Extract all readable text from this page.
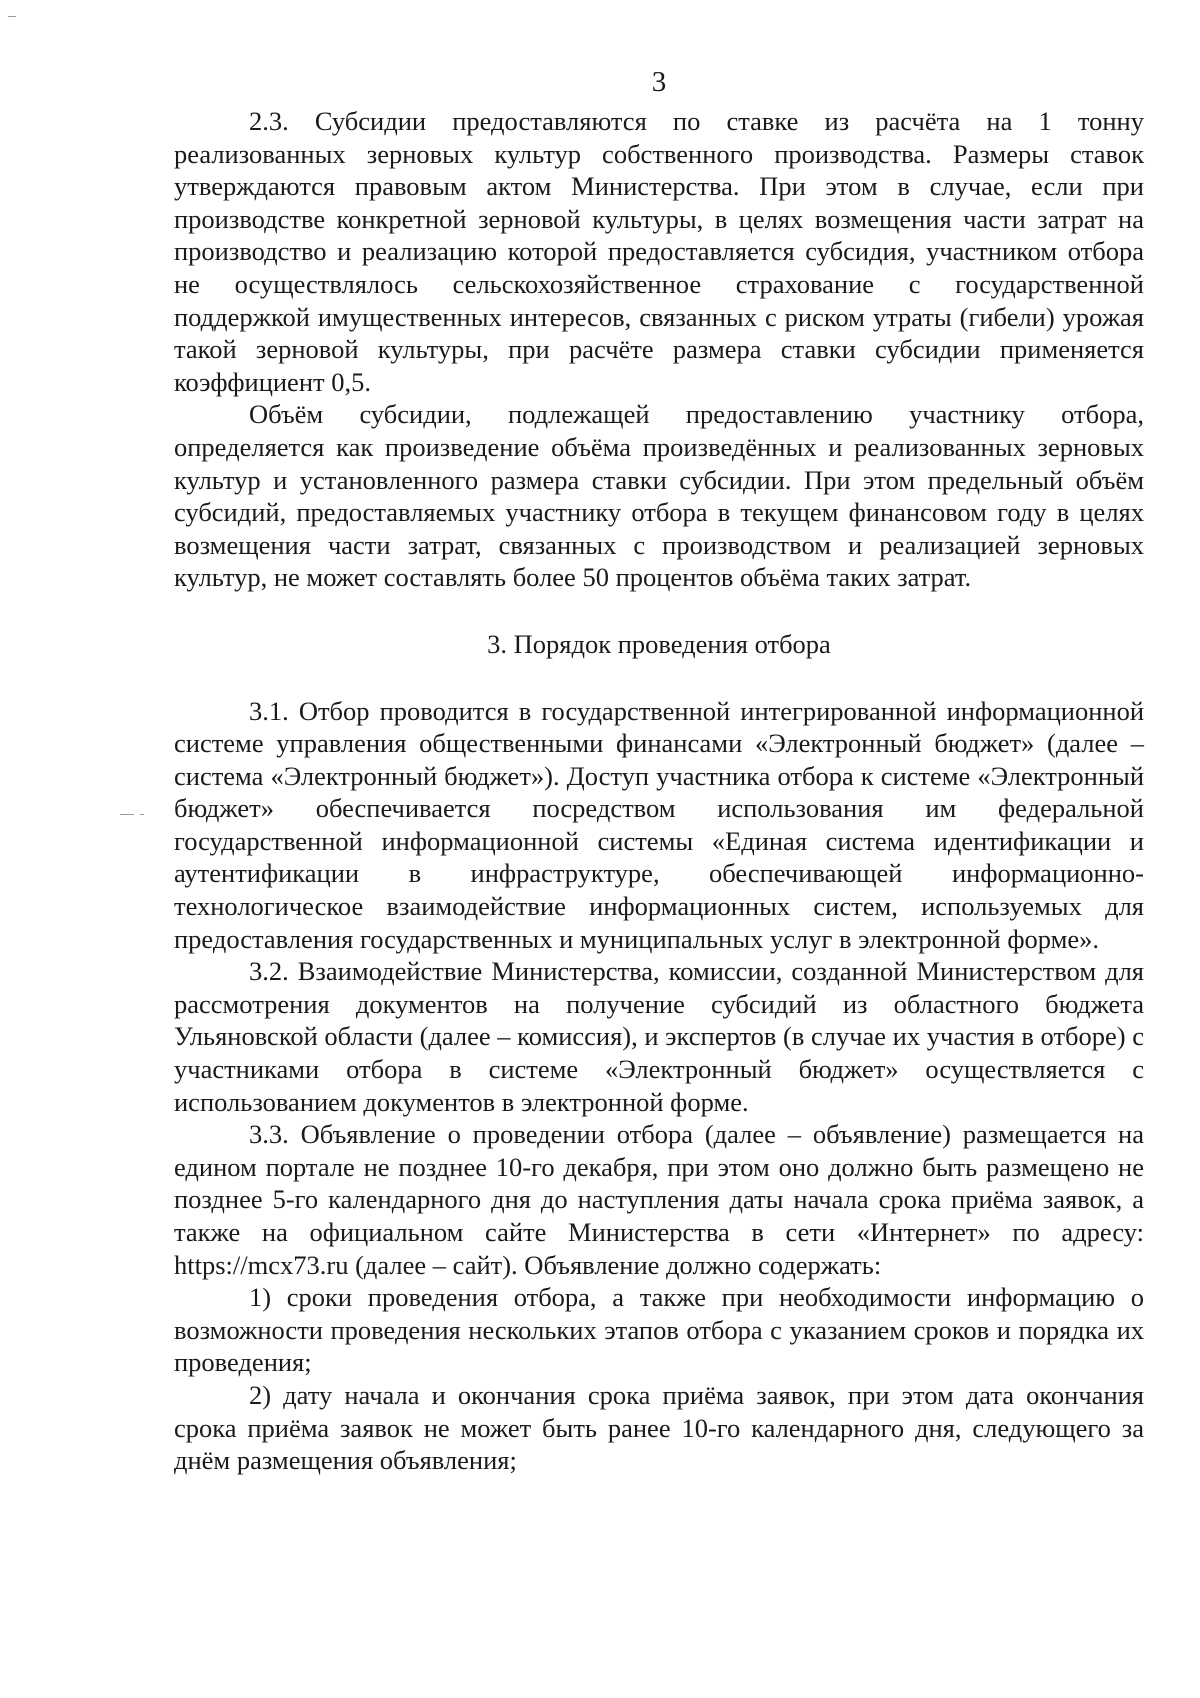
3

2.3. Субсидии предоставляются по ставке из расчёта на 1 тонну реализованных зерновых культур собственного производства. Размеры ставок утверждаются правовым актом Министерства. При этом в случае, если при производстве конкретной зерновой культуры, в целях возмещения части затрат на производство и реализацию которой предоставляется субсидия, участником отбора не осуществлялось сельскохозяйственное страхование с государственной поддержкой имущественных интересов, связанных с риском утраты (гибели) урожая такой зерновой культуры, при расчёте размера ставки субсидии применяется коэффициент 0,5.

Объём субсидии, подлежащей предоставлению участнику отбора, определяется как произведение объёма произведённых и реализованных зерновых культур и установленного размера ставки субсидии. При этом предельный объём субсидий, предоставляемых участнику отбора в текущем финансовом году в целях возмещения части затрат, связанных с производством и реализацией зерновых культур, не может составлять более 50 процентов объёма таких затрат.

3. Порядок проведения отбора

3.1. Отбор проводится в государственной интегрированной информационной системе управления общественными финансами «Электронный бюджет» (далее – система «Электронный бюджет»). Доступ участника отбора к системе «Электронный бюджет» обеспечивается посредством использования им федеральной государственной информационной системы «Единая система идентификации и аутентификации в инфраструктуре, обеспечивающей информационно-технологическое взаимодействие информационных систем, используемых для предоставления государственных и муниципальных услуг в электронной форме».

3.2. Взаимодействие Министерства, комиссии, созданной Министерством для рассмотрения документов на получение субсидий из областного бюджета Ульяновской области (далее – комиссия), и экспертов (в случае их участия в отборе) с участниками отбора в системе «Электронный бюджет» осуществляется с использованием документов в электронной форме.

3.3. Объявление о проведении отбора (далее – объявление) размещается на едином портале не позднее 10-го декабря, при этом оно должно быть размещено не позднее 5-го календарного дня до наступления даты начала срока приёма заявок, а также на официальном сайте Министерства в сети «Интернет» по адресу: https://mcx73.ru (далее – сайт). Объявление должно содержать:

1) сроки проведения отбора, а также при необходимости информацию о возможности проведения нескольких этапов отбора с указанием сроков и порядка их проведения;

2) дату начала и окончания срока приёма заявок, при этом дата окончания срока приёма заявок не может быть ранее 10-го календарного дня, следующего за днём размещения объявления;
